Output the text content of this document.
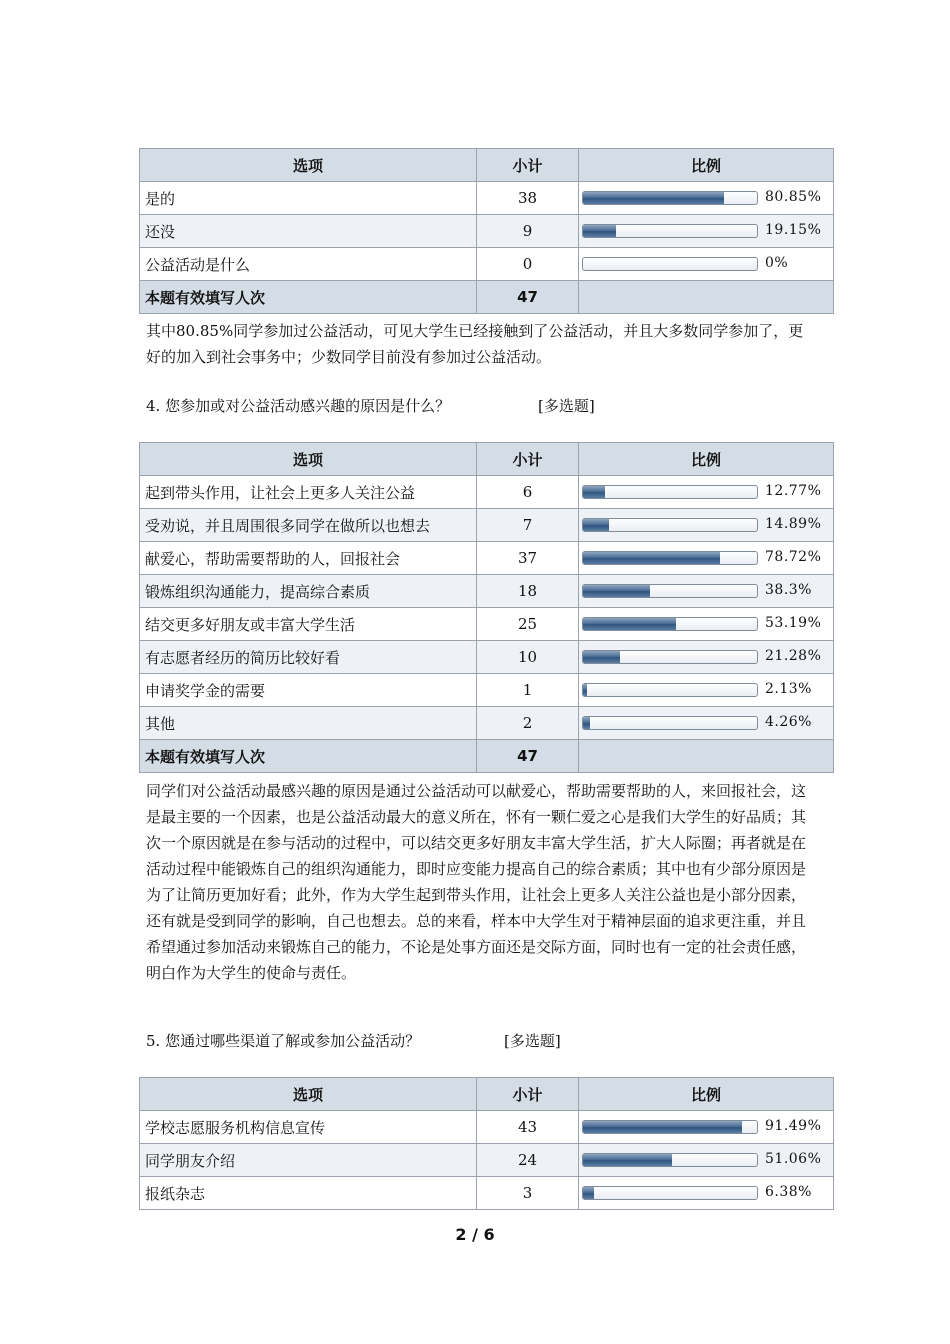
选项	小计	比例
是的	38	80.85%

还没	9	19.15%

公益活动是什么	0	0%

本题有效填写人次	47	

其中80.85%同学参加过公益活动，可见大学生已经接触到了公益活动，并且大多数同学参加了，更好的加入到社会事务中；少数同学目前没有参加过公益活动。

4. 您参加或对公益活动感兴趣的原因是什么？	[多选题]
选项	小计	比例
起到带头作用，让社会上更多人关注公益	6	12.77%

受劝说，并且周围很多同学在做所以也想去	7	14.89%

献爱心，帮助需要帮助的人，回报社会	37	78.72%

锻炼组织沟通能力，提高综合素质	18	38.3%

结交更多好朋友或丰富大学生活	25	53.19%

有志愿者经历的简历比较好看	10	21.28%

申请奖学金的需要	1	2.13%

其他	2	4.26%

本题有效填写人次	47	

同学们对公益活动最感兴趣的原因是通过公益活动可以献爱心，帮助需要帮助的人，来回报社会，这是最主要的一个因素，也是公益活动最大的意义所在，怀有一颗仁爱之心是我们大学生的好品质；其次一个原因就是在参与活动的过程中，可以结交更多好朋友丰富大学生活，扩大人际圈；再者就是在活动过程中能锻炼自己的组织沟通能力，即时应变能力提高自己的综合素质；其中也有少部分原因是为了让简历更加好看；此外，作为大学生起到带头作用，让社会上更多人关注公益也是小部分因素，还有就是受到同学的影响，自己也想去。总的来看，样本中大学生对于精神层面的追求更注重，并且希望通过参加活动来锻炼自己的能力，不论是处事方面还是交际方面，同时也有一定的社会责任感，明白作为大学生的使命与责任。

5. 您通过哪些渠道了解或参加公益活动？	[多选题]
选项	小计	比例
学校志愿服务机构信息宣传	43	91.49%

同学朋友介绍	24	51.06%

报纸杂志	3	6.38%
2 / 6
